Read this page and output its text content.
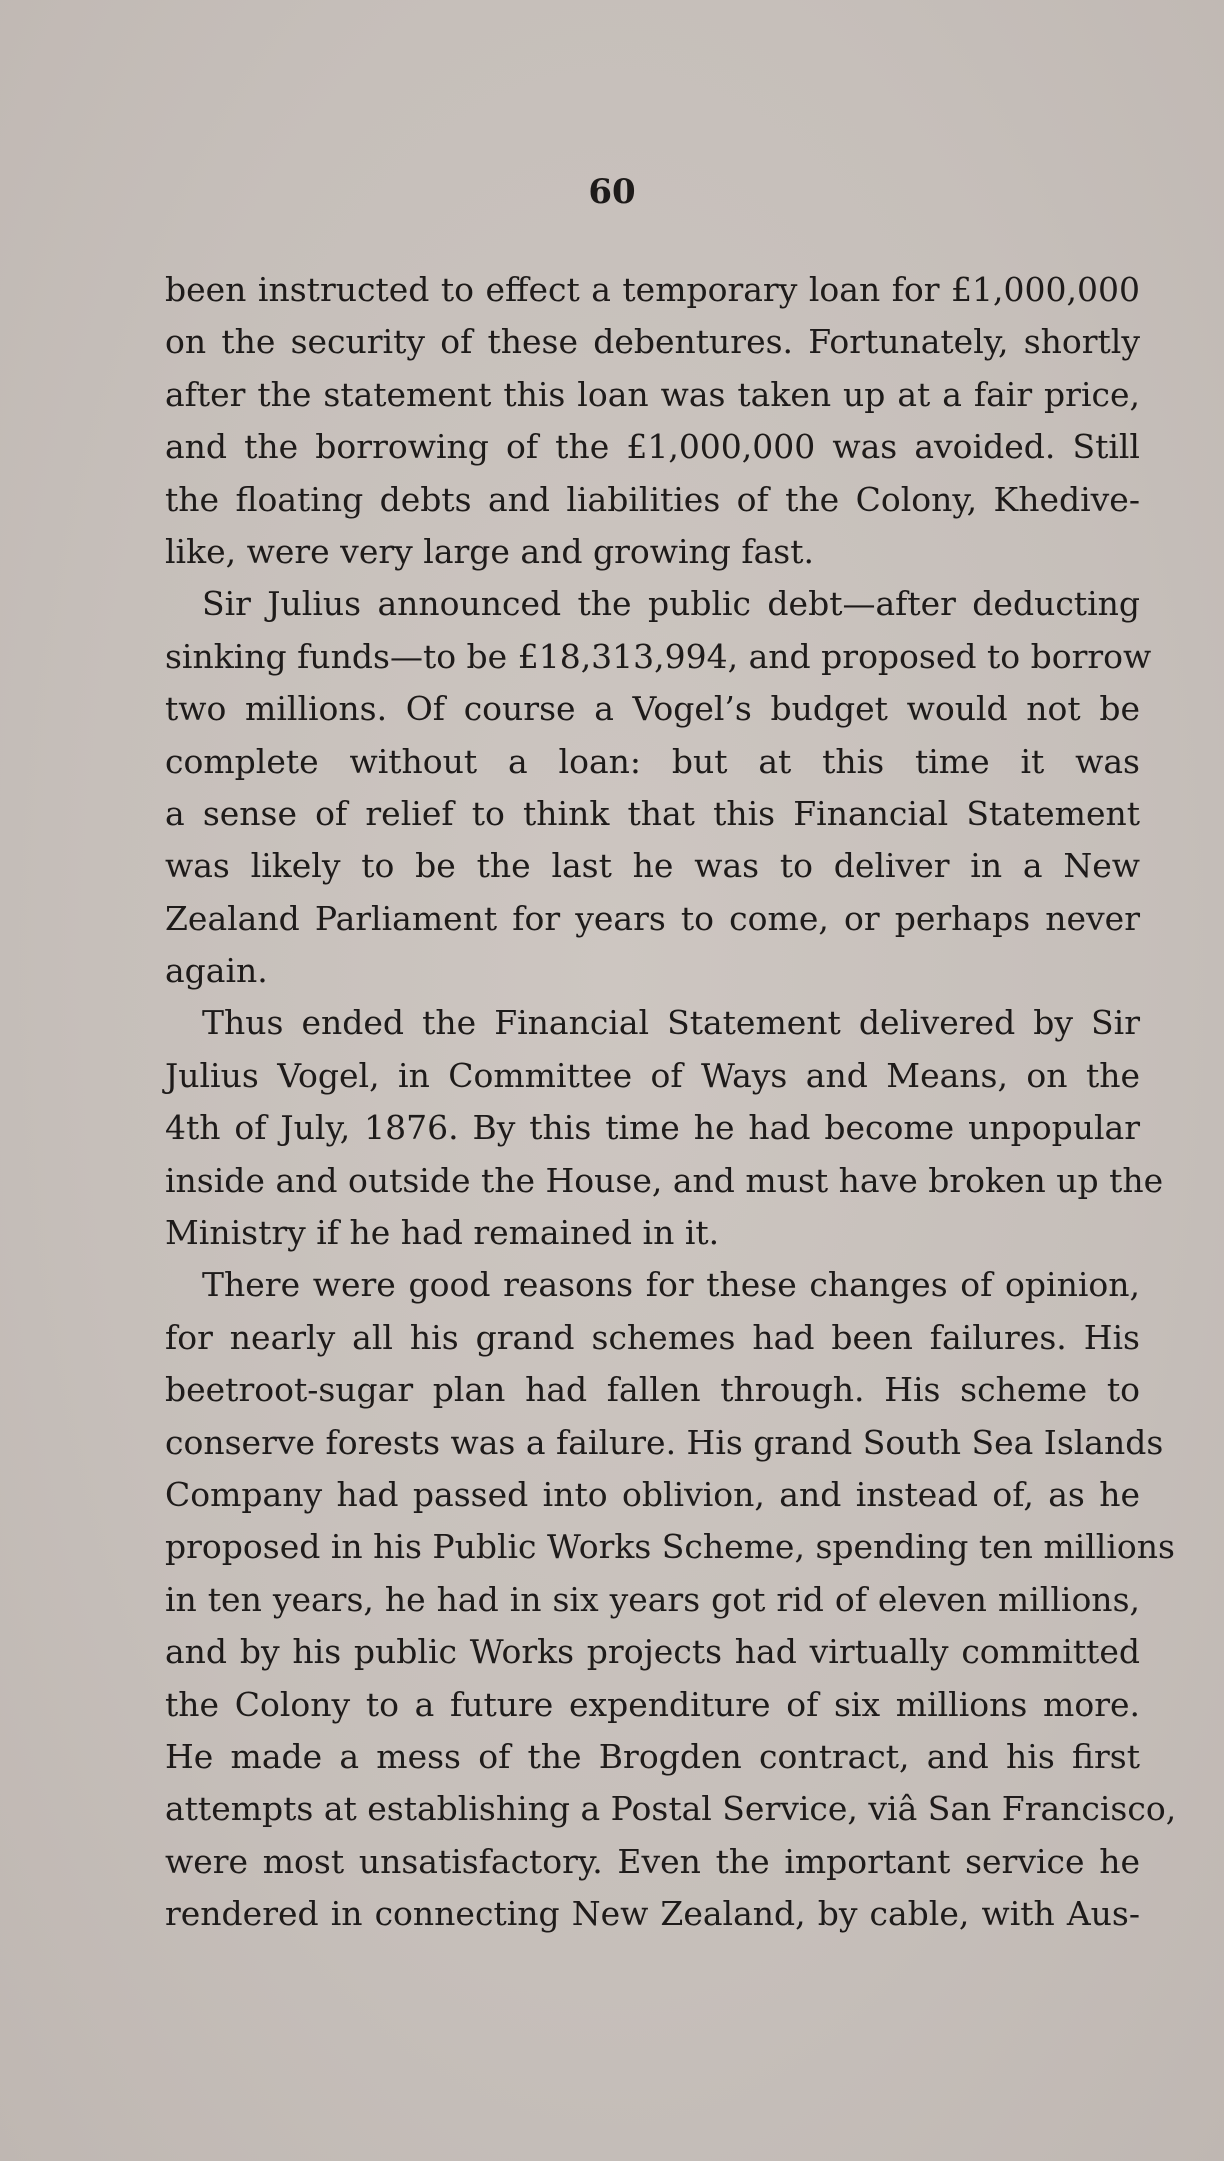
60
been instructed to effect a temporary loan for £1,000,000
on the security of these debentures. Fortunately, shortly
after the statement this loan was taken up at a fair price,
and the borrowing of the £1,000,000 was avoided. Still
the floating debts and liabilities of the Colony, Khedive-
like, were very large and growing fast.
Sir Julius announced the public debt—after deducting
sinking funds—to be £18,313,994, and proposed to borrow
two millions. Of course a Vogel’s budget would not be
complete without a loan: but at this time it was
a sense of relief to think that this Financial Statement
was likely to be the last he was to deliver in a New
Zealand Parliament for years to come, or perhaps never
again.
Thus ended the Financial Statement delivered by Sir
Julius Vogel, in Committee of Ways and Means, on the
4th of July, 1876. By this time he had become unpopular
inside and outside the House, and must have broken up the
Ministry if he had remained in it.
There were good reasons for these changes of opinion,
for nearly all his grand schemes had been failures. His
beetroot-sugar plan had fallen through. His scheme to
conserve forests was a failure. His grand South Sea Islands
Company had passed into oblivion, and instead of, as he
proposed in his Public Works Scheme, spending ten millions
in ten years, he had in six years got rid of eleven millions,
and by his public Works projects had virtually committed
the Colony to a future expenditure of six millions more.
He made a mess of the Brogden contract, and his first
attempts at establishing a Postal Service, viâ San Francisco,
were most unsatisfactory. Even the important service he
rendered in connecting New Zealand, by cable, with Aus-
